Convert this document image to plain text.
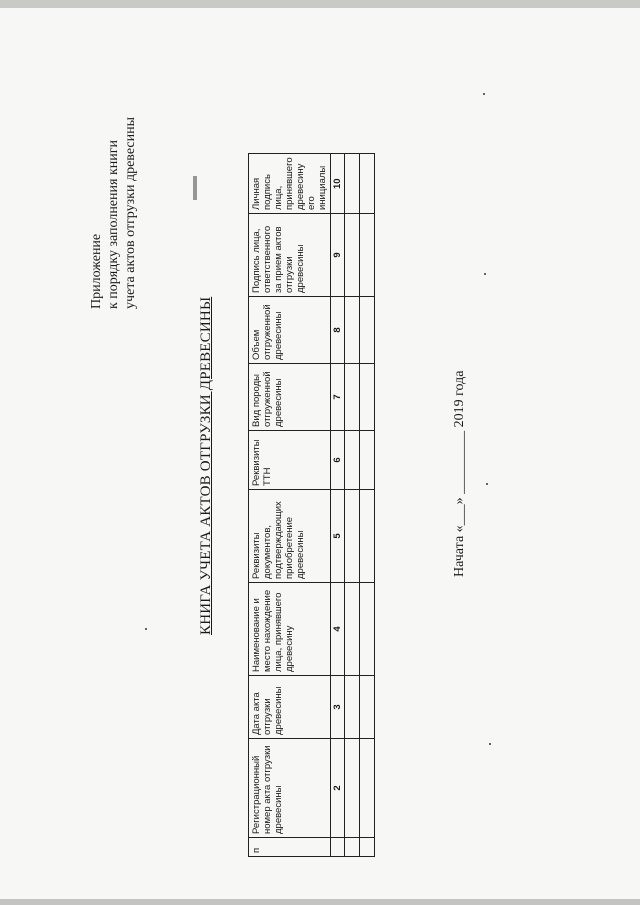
Приложение к порядку заполнения книги учета актов отгрузки древесины
КНИГА УЧЕТА АКТОВ ОТГРУЗКИ ДРЕВЕСИНЫ
п	Регистрационный номер акта отгрузки древесины	Дата акта отгрузки древесины	Наименование и место нахождение лица, принявшего древесину	Реквизиты документов, подтверждающих приобретение древесины	Реквизиты ТТН	Вид породы отгруженной древесины	Объем отгруженной древесины	Подпись лица, ответственного за прием актов отгрузки древесины	Личная подпись лица, принявшего древесину его инициалы
	2	3	4	5	6	7	8	9	10

Начата «___» _________ 2019 года
